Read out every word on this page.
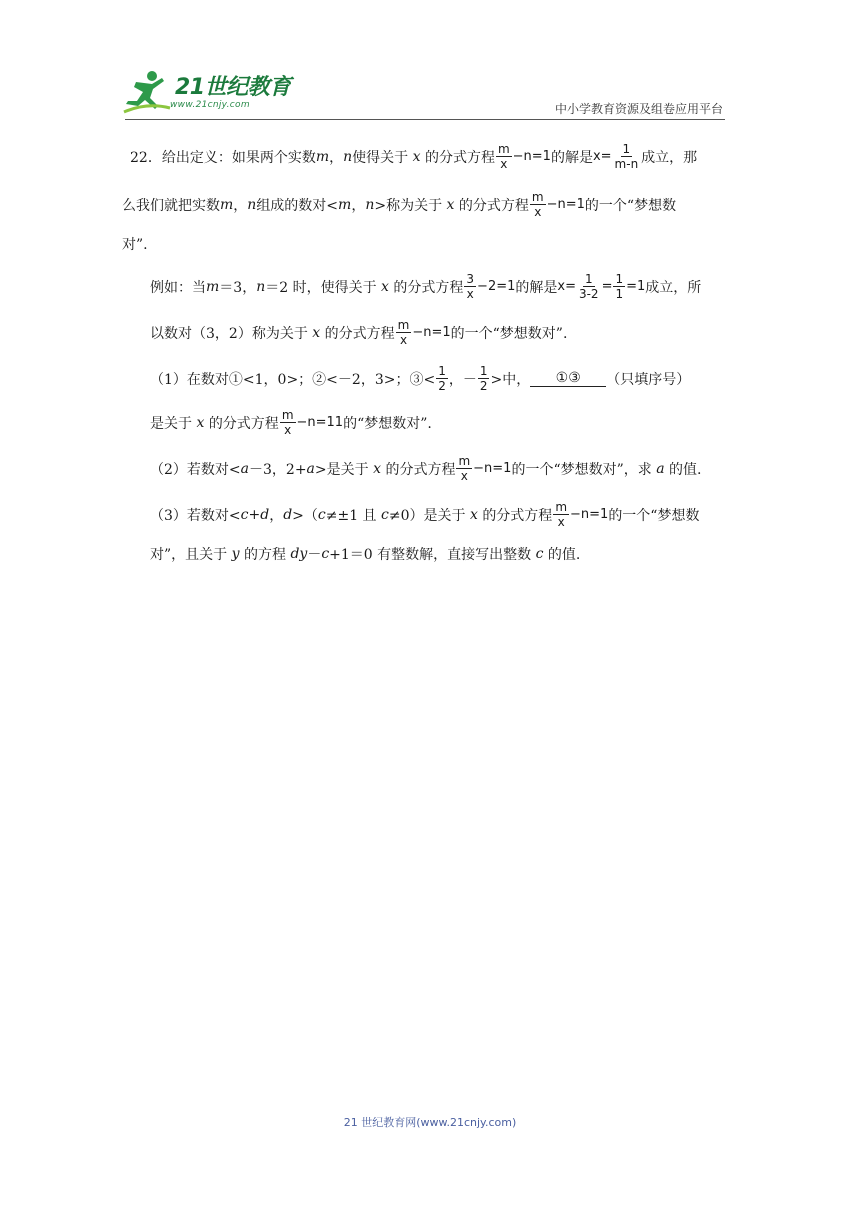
21世纪教育
www.21cnjy.com	中小学教育资源及组卷应用平台
22． 给出定义：如果两个实数 m ， n 使得关于
x
的分式方程 $\frac{m}{x} -n=1$ 的解是 $x= \frac{1}{m-n}$ 成立，那
么我们就把实数 m ， n 组成的数对< m ， n >称为关于
x
的分式方程 $\frac{m}{x} -n=1$ 的一个“梦想数
对”.
例如：当 m ＝3， n ＝2 时，使得关于
x
的分式方程 $\frac{3}{x} -2=1$ 的解是 $x= \frac{1}{3-2} = \frac{1}{1} =1$ 成立，所
以数对（3，2）称为关于
x
的分式方程 $\frac{m}{x} -n=1$ 的一个“梦想数对”.
（1）在数对①<1，0>；②<－2，3>；③< $\frac{1}{2}$ ，－ $\frac{1}{2}$ >中，	①③	（只填序号）
是关于
x
的分式方程 $\frac{m}{x} -n=11$ 的“梦想数对”.
（2）若数对< a －3，2+ a >是关于
x
的分式方程 $\frac{m}{x} -n=1$ 的一个“梦想数对”，求
a
的值.
（3）若数对< c + d ， d >（ c ≠±1 且
c ≠0）是关于
x
的分式方程 $\frac{m}{x} -n=1$ 的一个“梦想数
对”，且关于
y
的方程
dy － c +1＝0 有整数解，直接写出整数
c
的值.
21 世纪教育网(www.21cnjy.com)
